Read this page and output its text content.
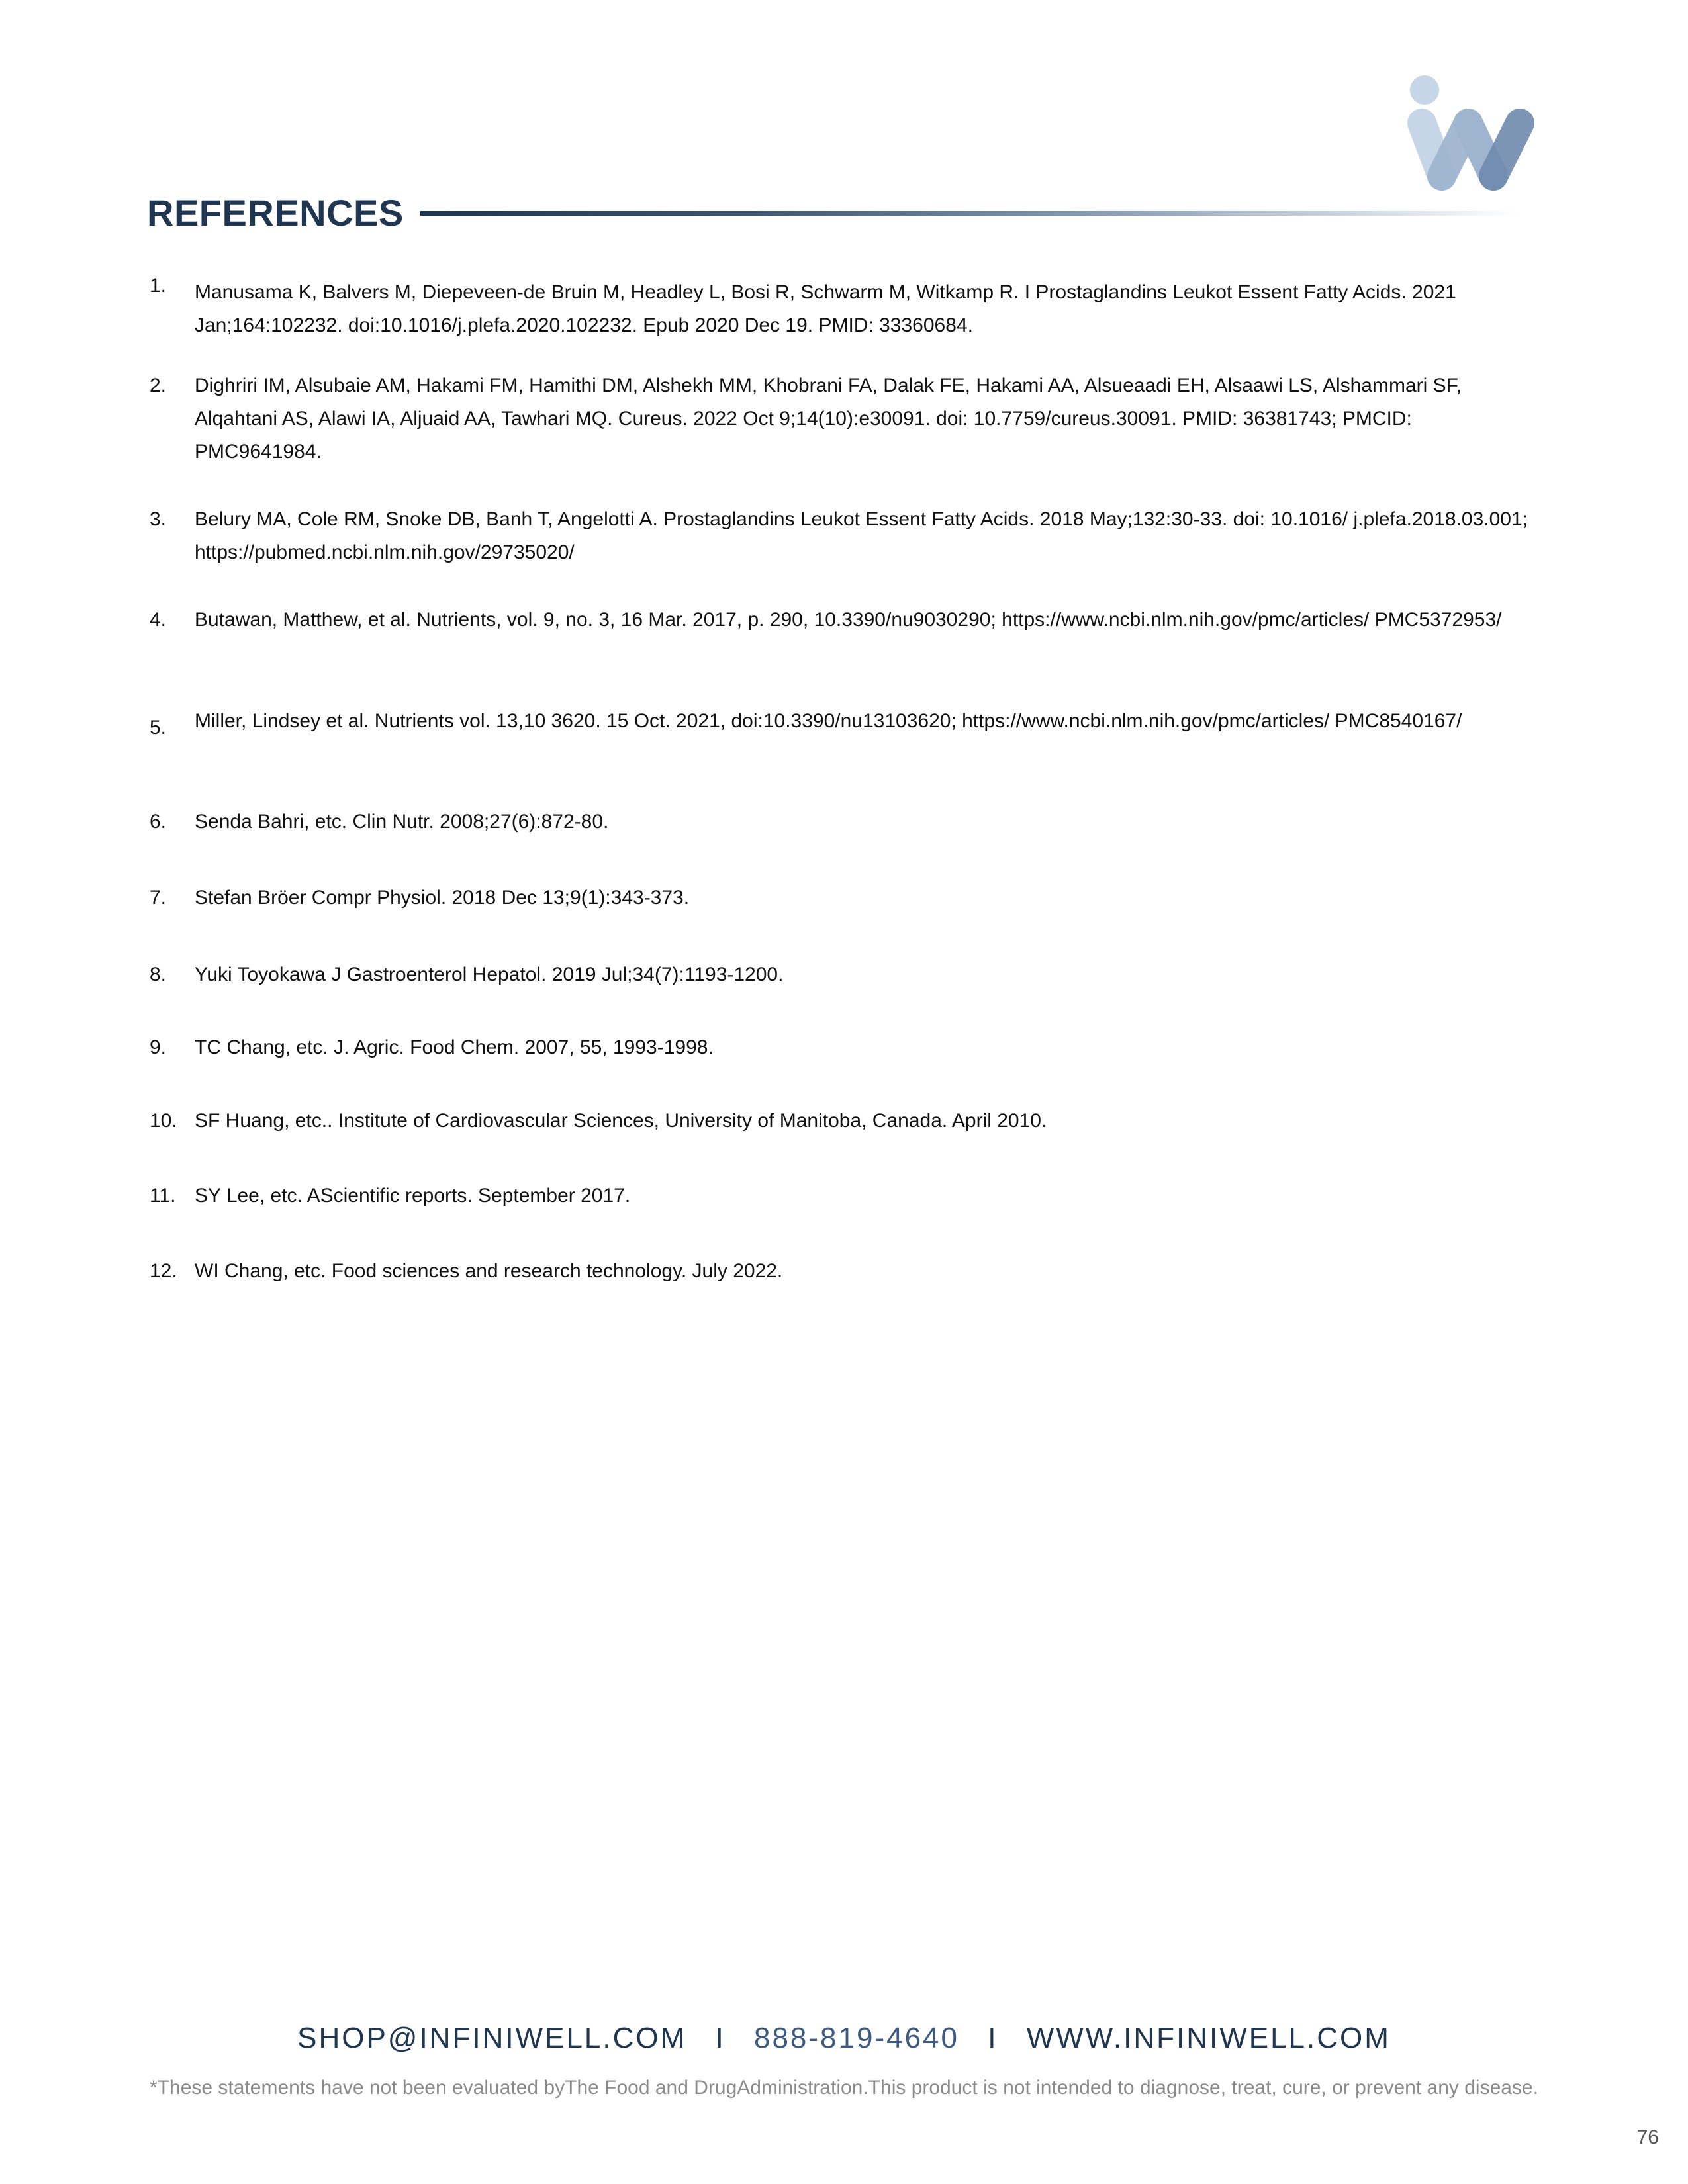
REFERENCES
1. Manusama K, Balvers M, Diepeveen-de Bruin M, Headley L, Bosi R, Schwarm M, Witkamp R. I Prostaglandins Leukot Essent Fatty Acids. 2021 Jan;164:102232. doi:10.1016/j.plefa.2020.102232. Epub 2020 Dec 19. PMID: 33360684.
2. Dighriri IM, Alsubaie AM, Hakami FM, Hamithi DM, Alshekh MM, Khobrani FA, Dalak FE, Hakami AA, Alsueaadi EH, Alsaawi LS, Alshammari SF, Alqahtani AS, Alawi IA, Aljuaid AA, Tawhari MQ. Cureus. 2022 Oct 9;14(10):e30091. doi: 10.7759/cureus.30091. PMID: 36381743; PMCID: PMC9641984.
3. Belury MA, Cole RM, Snoke DB, Banh T, Angelotti A. Prostaglandins Leukot Essent Fatty Acids. 2018 May;132:30-33. doi: 10.1016/ j.plefa.2018.03.001; https://pubmed.ncbi.nlm.nih.gov/29735020/
4. Butawan, Matthew, et al. Nutrients, vol. 9, no. 3, 16 Mar. 2017, p. 290, 10.3390/nu9030290; https://www.ncbi.nlm.nih.gov/pmc/articles/ PMC5372953/
5. Miller, Lindsey et al. Nutrients vol. 13,10 3620. 15 Oct. 2021, doi:10.3390/nu13103620; https://www.ncbi.nlm.nih.gov/pmc/articles/ PMC8540167/
6. Senda Bahri, etc. Clin Nutr. 2008;27(6):872-80.
7. Stefan Bröer Compr Physiol. 2018 Dec 13;9(1):343-373.
8. Yuki Toyokawa J Gastroenterol Hepatol. 2019 Jul;34(7):1193-1200.
9. TC Chang, etc. J. Agric. Food Chem. 2007, 55, 1993-1998.
10. SF Huang, etc.. Institute of Cardiovascular Sciences, University of Manitoba, Canada. April 2010.
11. SY Lee, etc. AScientific reports. September 2017.
12. WI Chang, etc. Food sciences and research technology. July 2022.
SHOP@INFINIWELL.COM I 888-819-4640 I WWW.INFINIWELL.COM
*These statements have not been evaluated byThe Food and DrugAdministration.This product is not intended to diagnose, treat, cure, or prevent any disease.
76
